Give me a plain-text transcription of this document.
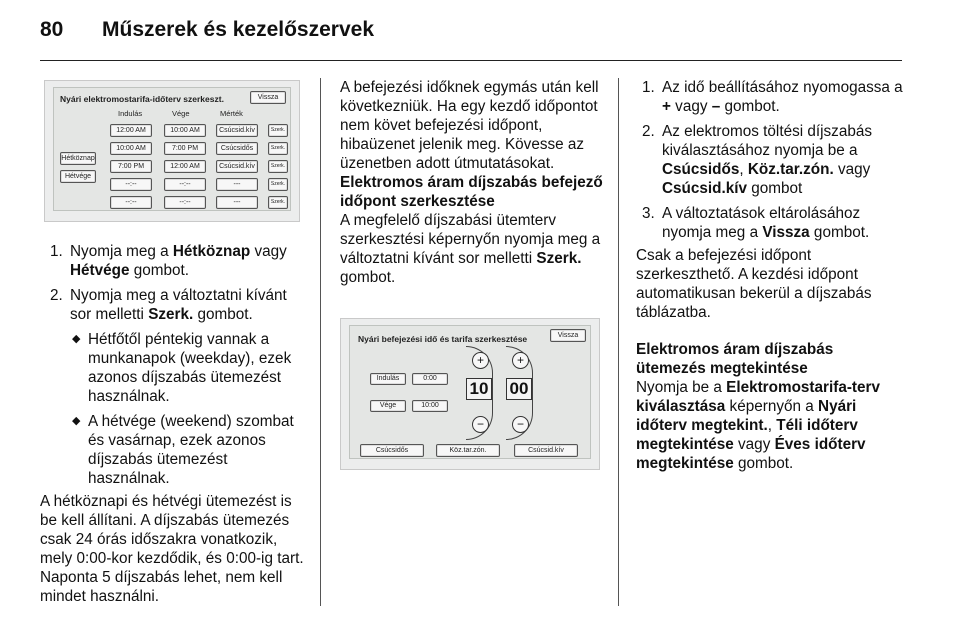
80 Műszerek és kezelőszervek
Nyári elektromostarifa-időterv szerkeszt.	Vissza
Indulás	Vége	Mérték
Hétköznap
Hétvége
12:00 AM	10:00 AM	Csúcsid.kív	Szerk.
10:00 AM	7:00 PM	Csúcsidős	Szerk.
7:00 PM	12:00 AM	Csúcsid.kív	Szerk.
--:--	--:--	---	Szerk.
--:--	--:--	---	Szerk.
1. Nyomja meg a Hétköznap vagy Hétvége gombot.
2. Nyomja meg a változtatni kívánt sor melletti Szerk. gombot.
◆ Hétfőtől péntekig vannak a munkanapok (weekday), ezek azonos díjszabás ütemezést használnak.
◆ A hétvége (weekend) szombat és vasárnap, ezek azonos díjszabás ütemezést használnak.

A hétköznapi és hétvégi ütemezést is be kell állítani. A díjszabás ütemezés csak 24 órás időszakra vonatkozik, mely 0:00-kor kezdődik, és 0:00-ig tart. Naponta 5 díjszabás lehet, nem kell mindet használni.

A befejezési időknek egymás után kell következniük. Ha egy kezdő időpontot nem követ befejezési időpont, hibaüzenet jelenik meg. Kövesse az üzenetben adott útmutatásokat.

Elektromos áram díjszabás befejező időpont szerkesztése

A megfelelő díjszabási ütemterv szerkesztési képernyőn nyomja meg a változtatni kívánt sor melletti Szerk. gombot.

Nyári befejezési idő és tarifa szerkesztése	Vissza
Indulás	0:00
Vége	10:00
+
10
−
+
00
−
Csúcsidős	Köz.tar.zón.	Csúcsid.kív
1. Az idő beállításához nyomogassa a + vagy – gombot.
2. Az elektromos töltési díjszabás kiválasztásához nyomja be a Csúcsidős, Köz.tar.zón. vagy Csúcsid.kív gombot
3. A változtatások eltárolásához nyomja meg a Vissza gombot.

Csak a befejezési időpont szerkeszthető. A kezdési időpont automatikusan bekerül a díjszabás táblázatba.

Elektromos áram díjszabás ütemezés megtekintése

Nyomja be a Elektromostarifa-terv kiválasztása képernyőn a Nyári időterv megtekint., Téli időterv megtekintése vagy Éves időterv megtekintése gombot.
